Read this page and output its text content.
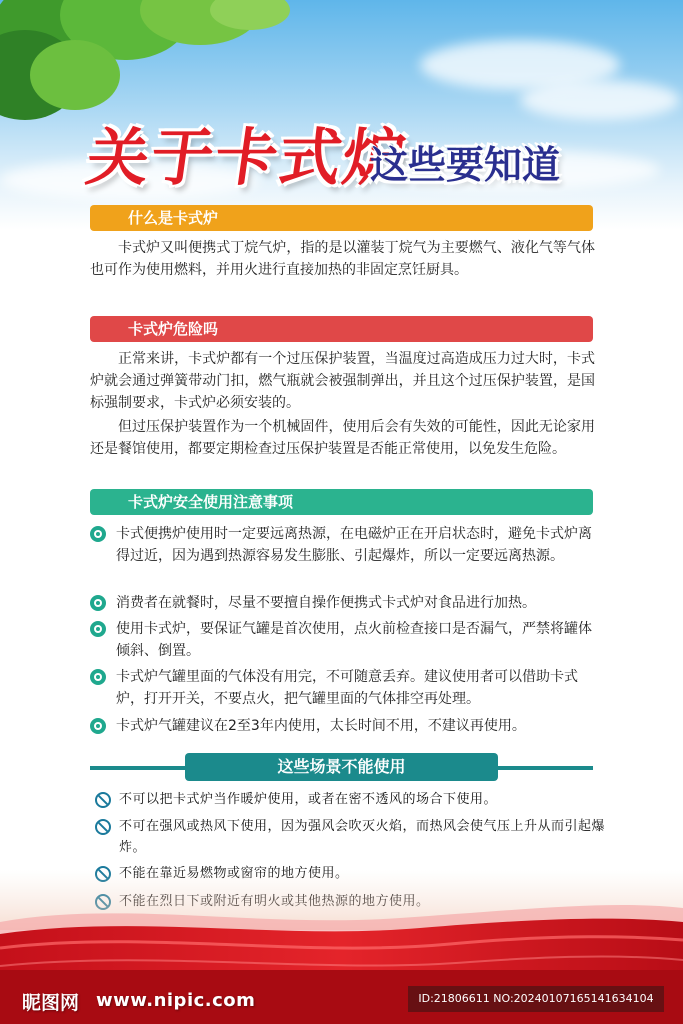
关于卡式炉
这些要知道
什么是卡式炉
卡式炉又叫便携式丁烷气炉，指的是以灌装丁烷气为主要燃气、液化气等气体也可作为使用燃料，并用火进行直接加热的非固定烹饪厨具。
卡式炉危险吗
正常来讲，卡式炉都有一个过压保护装置，当温度过高造成压力过大时，卡式炉就会通过弹簧带动门扣，燃气瓶就会被强制弹出，并且这个过压保护装置，是国标强制要求，卡式炉必须安装的。
但过压保护装置作为一个机械固件，使用后会有失效的可能性，因此无论家用还是餐馆使用，都要定期检查过压保护装置是否能正常使用，以免发生危险。
卡式炉安全使用注意事项
卡式便携炉使用时一定要远离热源，在电磁炉正在开启状态时，避免卡式炉离得过近，因为遇到热源容易发生膨胀、引起爆炸，所以一定要远离热源。
消费者在就餐时，尽量不要擅自操作便携式卡式炉对食品进行加热。
使用卡式炉，要保证气罐是首次使用，点火前检查接口是否漏气，严禁将罐体倾斜、倒置。
卡式炉气罐里面的气体没有用完，不可随意丢弃。建议使用者可以借助卡式炉，打开开关，不要点火，把气罐里面的气体排空再处理。
卡式炉气罐建议在2至3年内使用，太长时间不用，不建议再使用。
这些场景不能使用
不可以把卡式炉当作暖炉使用，或者在密不透风的场合下使用。
不可在强风或热风下使用，因为强风会吹灭火焰，而热风会使气压上升从而引起爆炸。
昵图网 www.nipic.com	ID:21806611 NO:20240107165141634104
